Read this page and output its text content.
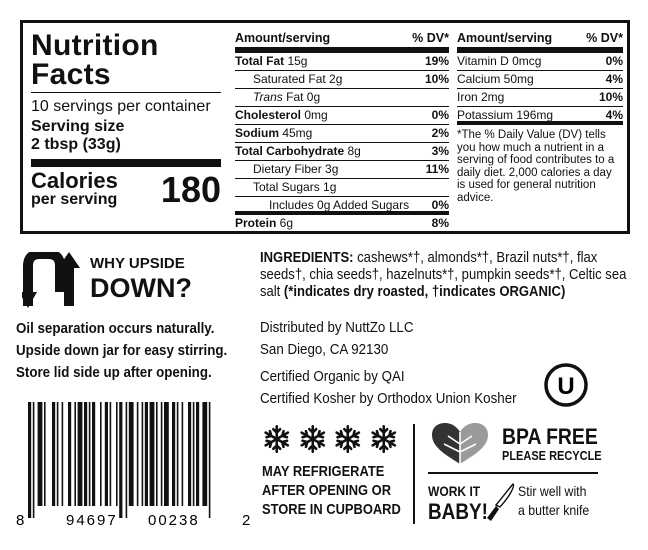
Nutrition
Facts
10 servings per container
Serving size
2 tbsp (33g)
Calories
per serving 180
Amount/serving	% DV*
Total Fat 15g	19%
Saturated Fat 2g	10%
Trans Fat 0g
Cholesterol 0mg	0%
Sodium 45mg	2%
Total Carbohydrate 8g	3%
Dietary Fiber 3g	11%
Total Sugars 1g
Includes 0g Added Sugars 0%
Protein 6g	8%
Amount/serving	% DV*
Vitamin D 0mcg	0%
Calcium 50mg	4%
Iron 2mg	10%
Potassium 196mg	4%
*The % Daily Value (DV) tells you how much a nutrient in a serving of food contributes to a daily diet. 2,000 calories a day is used for general nutrition advice.
WHY UPSIDE
DOWN?
Oil separation occurs naturally.
Upside down jar for easy stirring.
Store lid side up after opening.
8	94697 00238	2
INGREDIENTS: cashews*†, almonds*†, Brazil nuts*†, flax seeds†, chia seeds†, hazelnuts*†, pumpkin seeds*†, Celtic sea salt (*indicates dry roasted, †indicates ORGANIC)
Distributed by NuttZo LLC
San Diego, CA 92130
Certified Organic by QAI
Certified Kosher by Orthodox Union Kosher U
MAY REFRIGERATE
AFTER OPENING OR
STORE IN CUPBOARD
BPA FREE
PLEASE RECYCLE
WORK IT
BABY!
Stir well with
a butter knife
